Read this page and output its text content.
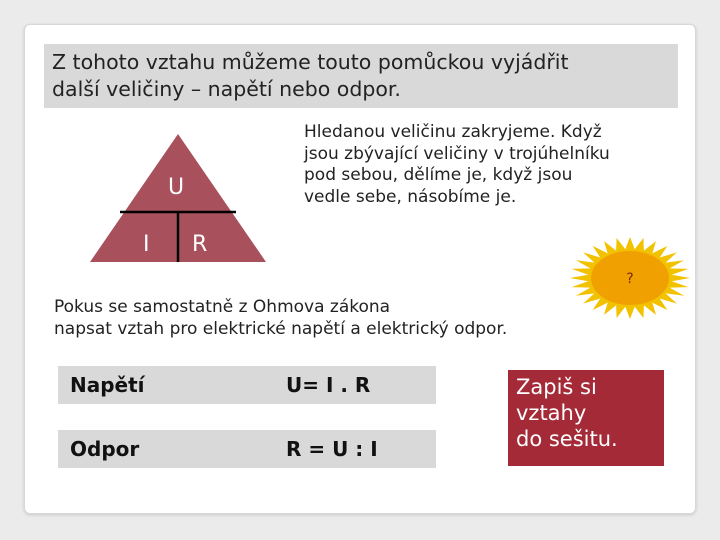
Z tohoto vztahu můžeme touto pomůckou vyjádřit
další veličiny – napětí nebo odpor.
U
I R
Hledanou veličinu zakryjeme. Když
jsou zbývající veličiny v trojúhelníku
pod sebou, dělíme je, když jsou
vedle sebe, násobíme je.
?
Pokus se samostatně z Ohmova zákona
napsat vztah pro elektrické napětí a elektrický odpor.
Napětí	U= I . R
Odpor	R = U : I
Zapiš si
vztahy
do sešitu.
